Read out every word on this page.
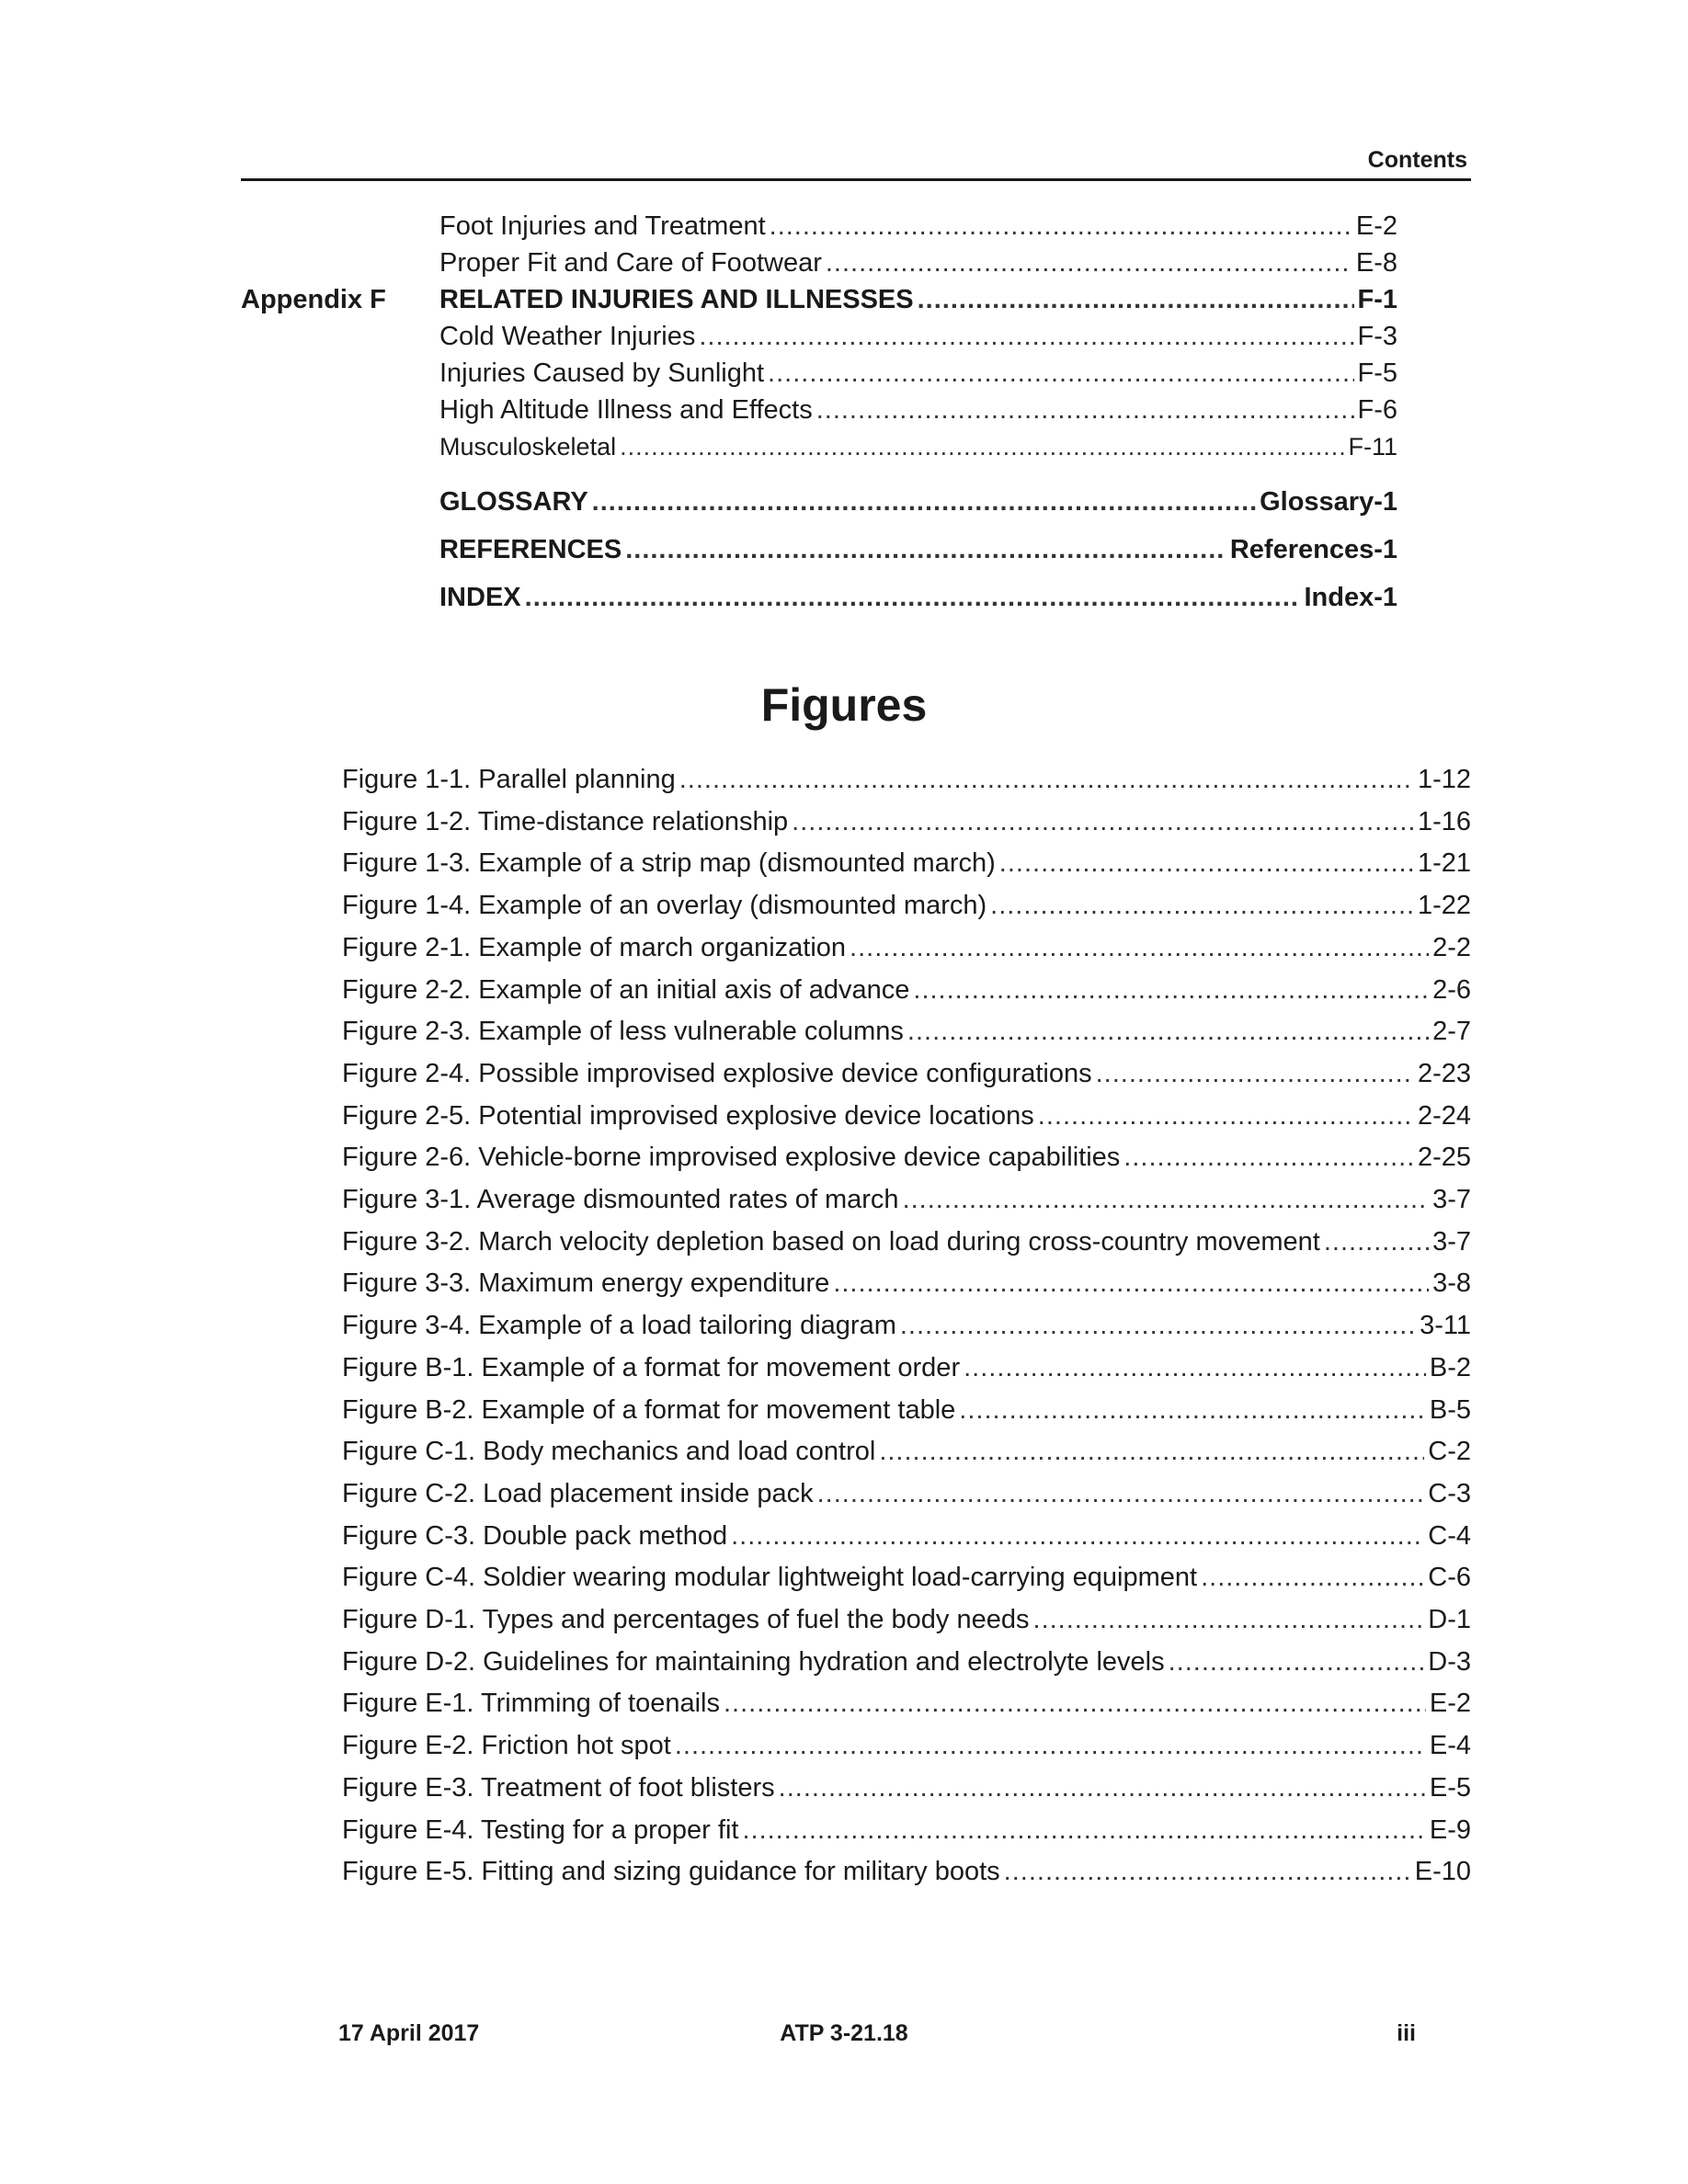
Contents
Foot Injuries and Treatment .....	E-2
Proper Fit and Care of Footwear .....	E-8
Appendix F	RELATED INJURIES AND ILLNESSES .....	F-1
Cold Weather Injuries .....	F-3
Injuries Caused by Sunlight .....	F-5
High Altitude Illness and Effects .....	F-6
Musculoskeletal .....	F-11
GLOSSARY .....	Glossary-1
REFERENCES .....	References-1
INDEX .....	Index-1
Figures
Figure 1-1. Parallel planning .....	1-12
Figure 1-2. Time-distance relationship .....	1-16
Figure 1-3. Example of a strip map (dismounted march) .....	1-21
Figure 1-4. Example of an overlay (dismounted march) .....	1-22
Figure 2-1. Example of march organization .....	2-2
Figure 2-2. Example of an initial axis of advance .....	2-6
Figure 2-3. Example of less vulnerable columns .....	2-7
Figure 2-4. Possible improvised explosive device configurations .....	2-23
Figure 2-5. Potential improvised explosive device locations .....	2-24
Figure 2-6. Vehicle-borne improvised explosive device capabilities .....	2-25
Figure 3-1. Average dismounted rates of march .....	3-7
Figure 3-2. March velocity depletion based on load during cross-country movement .....	3-7
Figure 3-3. Maximum energy expenditure .....	3-8
Figure 3-4. Example of a load tailoring diagram .....	3-11
Figure B-1. Example of a format for movement order .....	B-2
Figure B-2. Example of a format for movement table .....	B-5
Figure C-1. Body mechanics and load control .....	C-2
Figure C-2. Load placement inside pack .....	C-3
Figure C-3. Double pack method .....	C-4
Figure C-4. Soldier wearing modular lightweight load-carrying equipment .....	C-6
Figure D-1. Types and percentages of fuel the body needs .....	D-1
Figure D-2. Guidelines for maintaining hydration and electrolyte levels .....	D-3
Figure E-1. Trimming of toenails .....	E-2
Figure E-2. Friction hot spot .....	E-4
Figure E-3. Treatment of foot blisters .....	E-5
Figure E-4. Testing for a proper fit .....	E-9
Figure E-5. Fitting and sizing guidance for military boots .....	E-10
17 April 2017	ATP 3-21.18	iii
